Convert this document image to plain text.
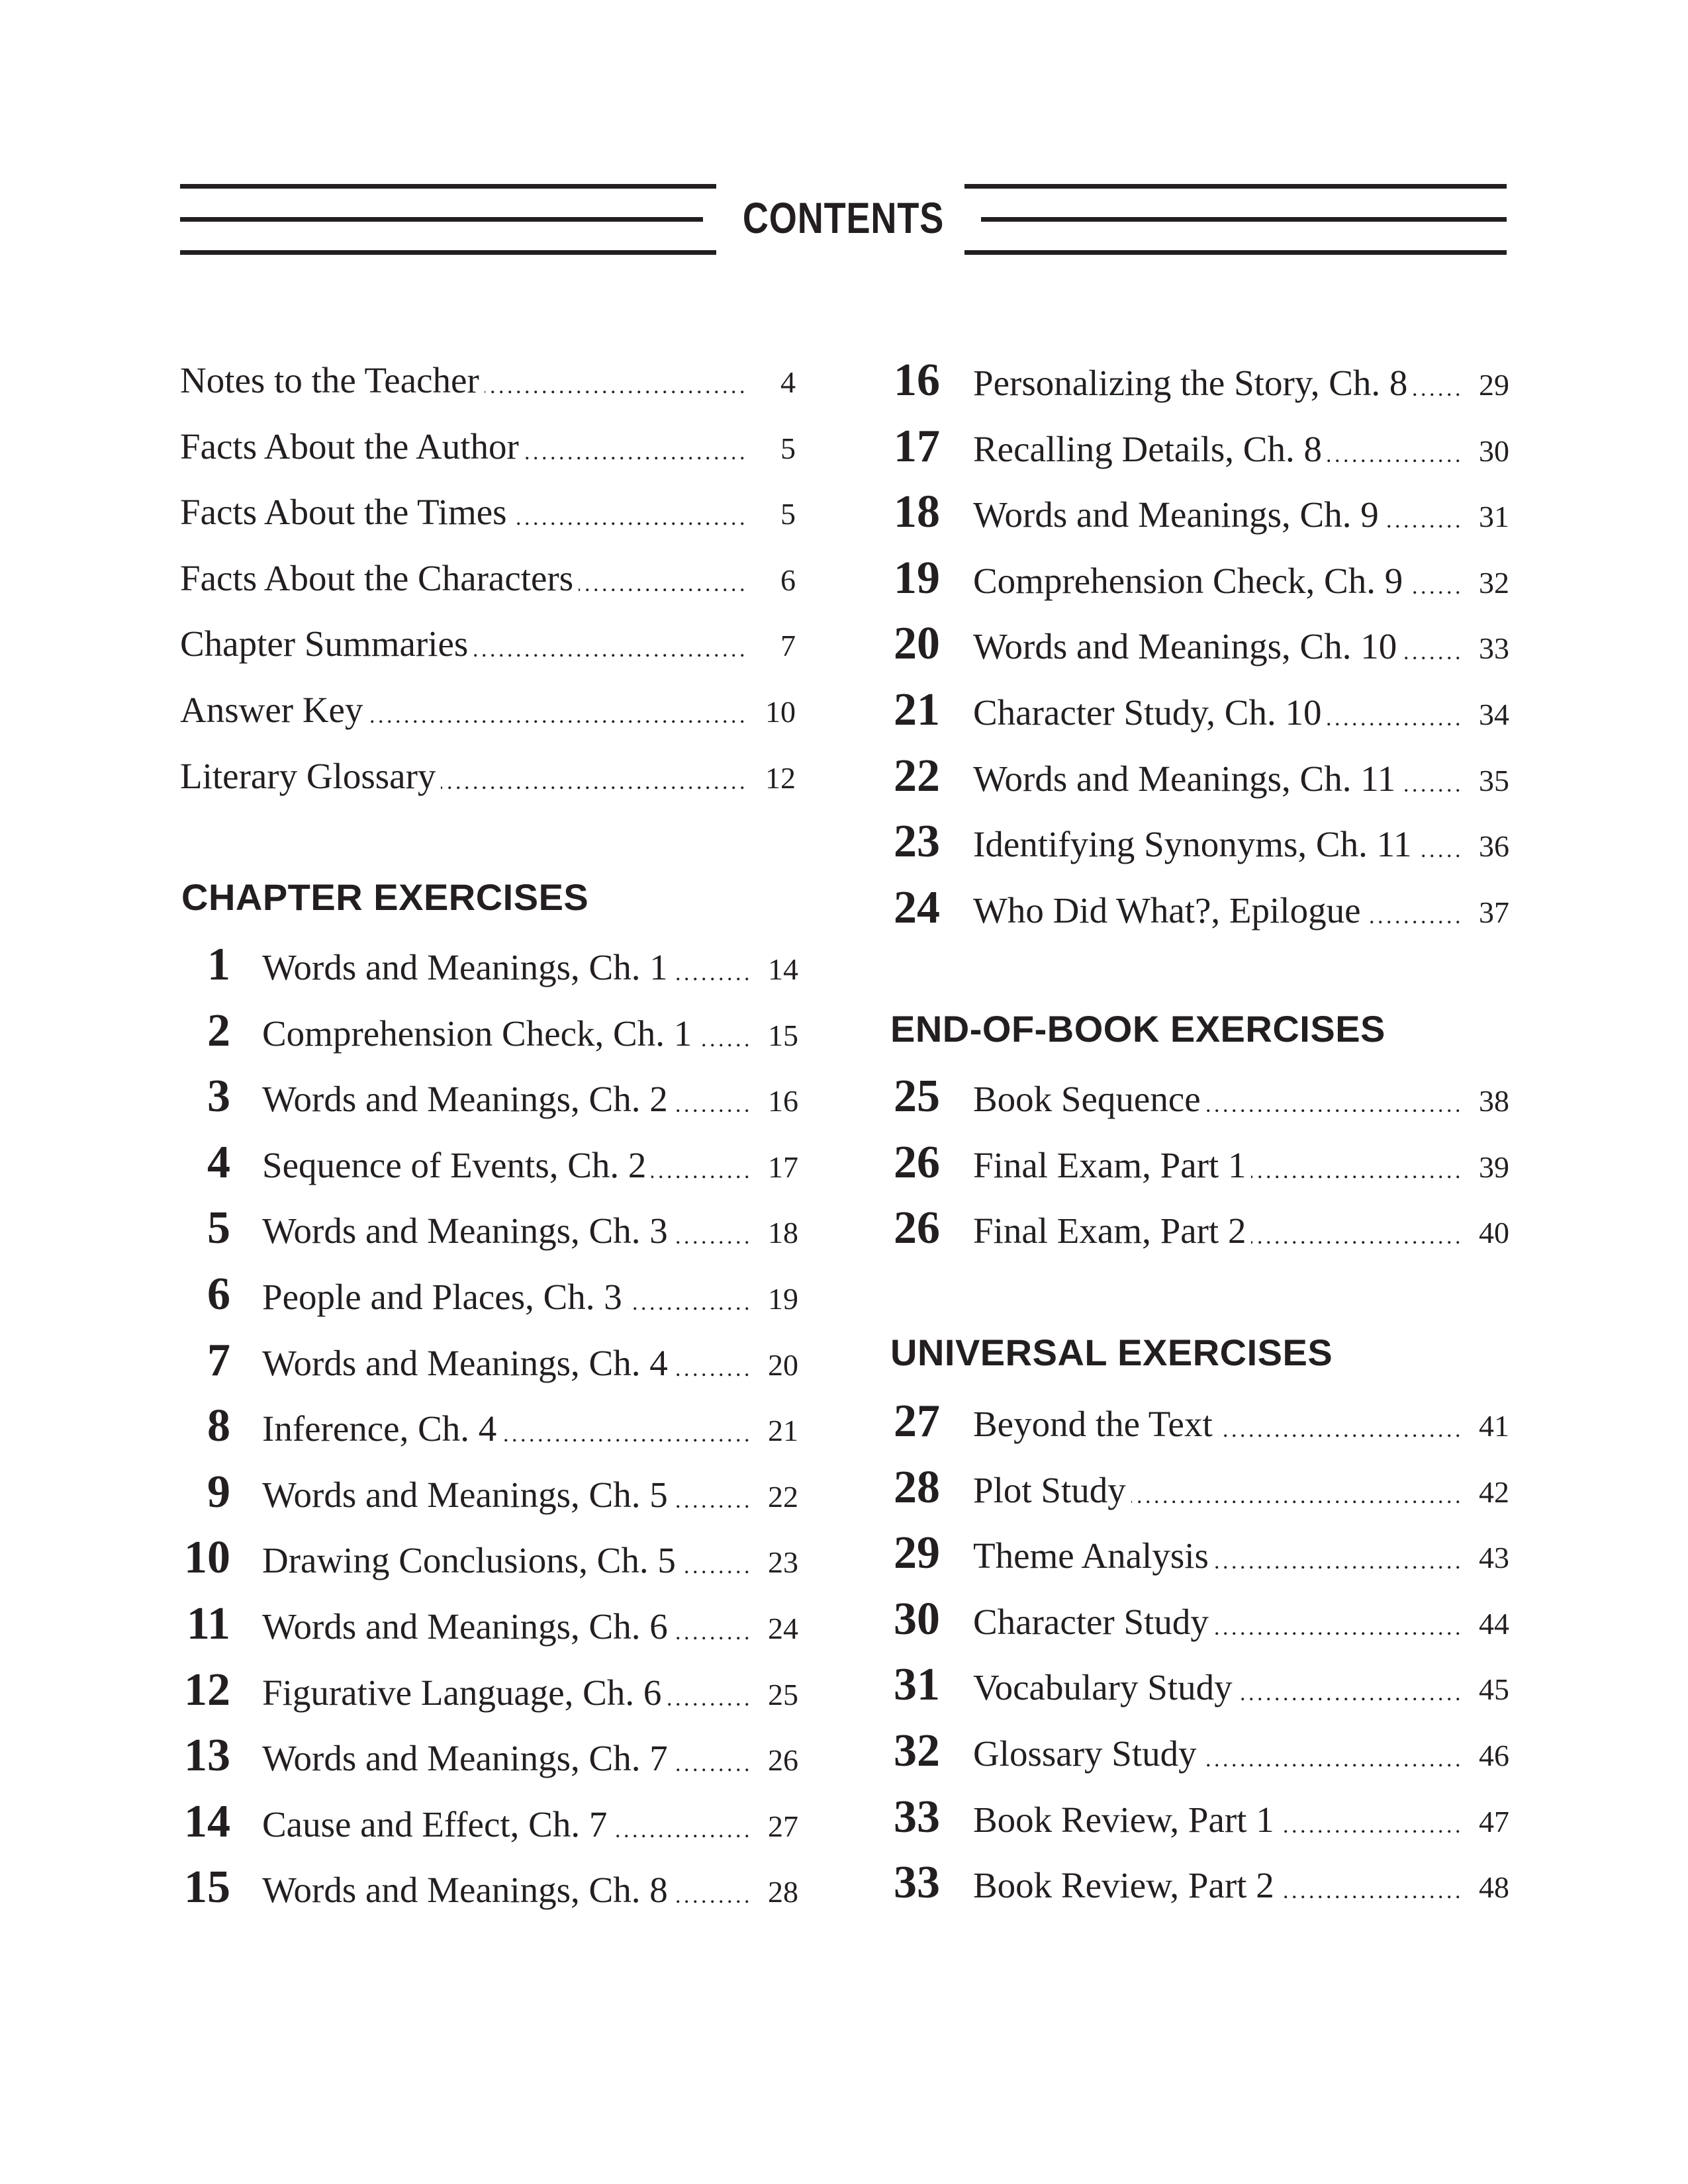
CONTENTS
Notes to the Teacher . . .	4
Facts About the Author . . .	5
Facts About the Times . . .	5
Facts About the Characters . . .	6
Chapter Summaries . . .	7
Answer Key . . .	10
Literary Glossary . . .	12
1 Words and Meanings, Ch. 1 . . .	14
2 Comprehension Check, Ch. 1 . . .	15
3 Words and Meanings, Ch. 2 . . .	16
4 Sequence of Events, Ch. 2 . . .	17
5 Words and Meanings, Ch. 3 . . .	18
6 People and Places, Ch. 3 . . .	19
7 Words and Meanings, Ch. 4 . . .	20
8 Inference, Ch. 4 . . .	21
9 Words and Meanings, Ch. 5 . . .	22
10 Drawing Conclusions, Ch. 5 . . .	23
11 Words and Meanings, Ch. 6 . . .	24
12 Figurative Language, Ch. 6 . . .	25
13 Words and Meanings, Ch. 7 . . .	26
14 Cause and Effect, Ch. 7 . . .	27
15 Words and Meanings, Ch. 8 . . .	28
16 Personalizing the Story, Ch. 8 . . .	29
17 Recalling Details, Ch. 8 . . .	30
18 Words and Meanings, Ch. 9 . . .	31
19 Comprehension Check, Ch. 9 . . .	32
20 Words and Meanings, Ch. 10 . . .	33
21 Character Study, Ch. 10 . . .	34
22 Words and Meanings, Ch. 11 . . .	35
23 Identifying Synonyms, Ch. 11 . . .	36
24 Who Did What?, Epilogue . . .	37
25 Book Sequence . . .	38
26 Final Exam, Part 1 . . .	39
26 Final Exam, Part 2 . . .	40
27 Beyond the Text . . .	41
28 Plot Study . . .	42
29 Theme Analysis . . .	43
30 Character Study . . .	44
31 Vocabulary Study . . .	45
32 Glossary Study . . .	46
33 Book Review, Part 1 . . .	47
33 Book Review, Part 2 . . .	48
CHAPTER EXERCISES
END-OF-BOOK EXERCISES
UNIVERSAL EXERCISES
